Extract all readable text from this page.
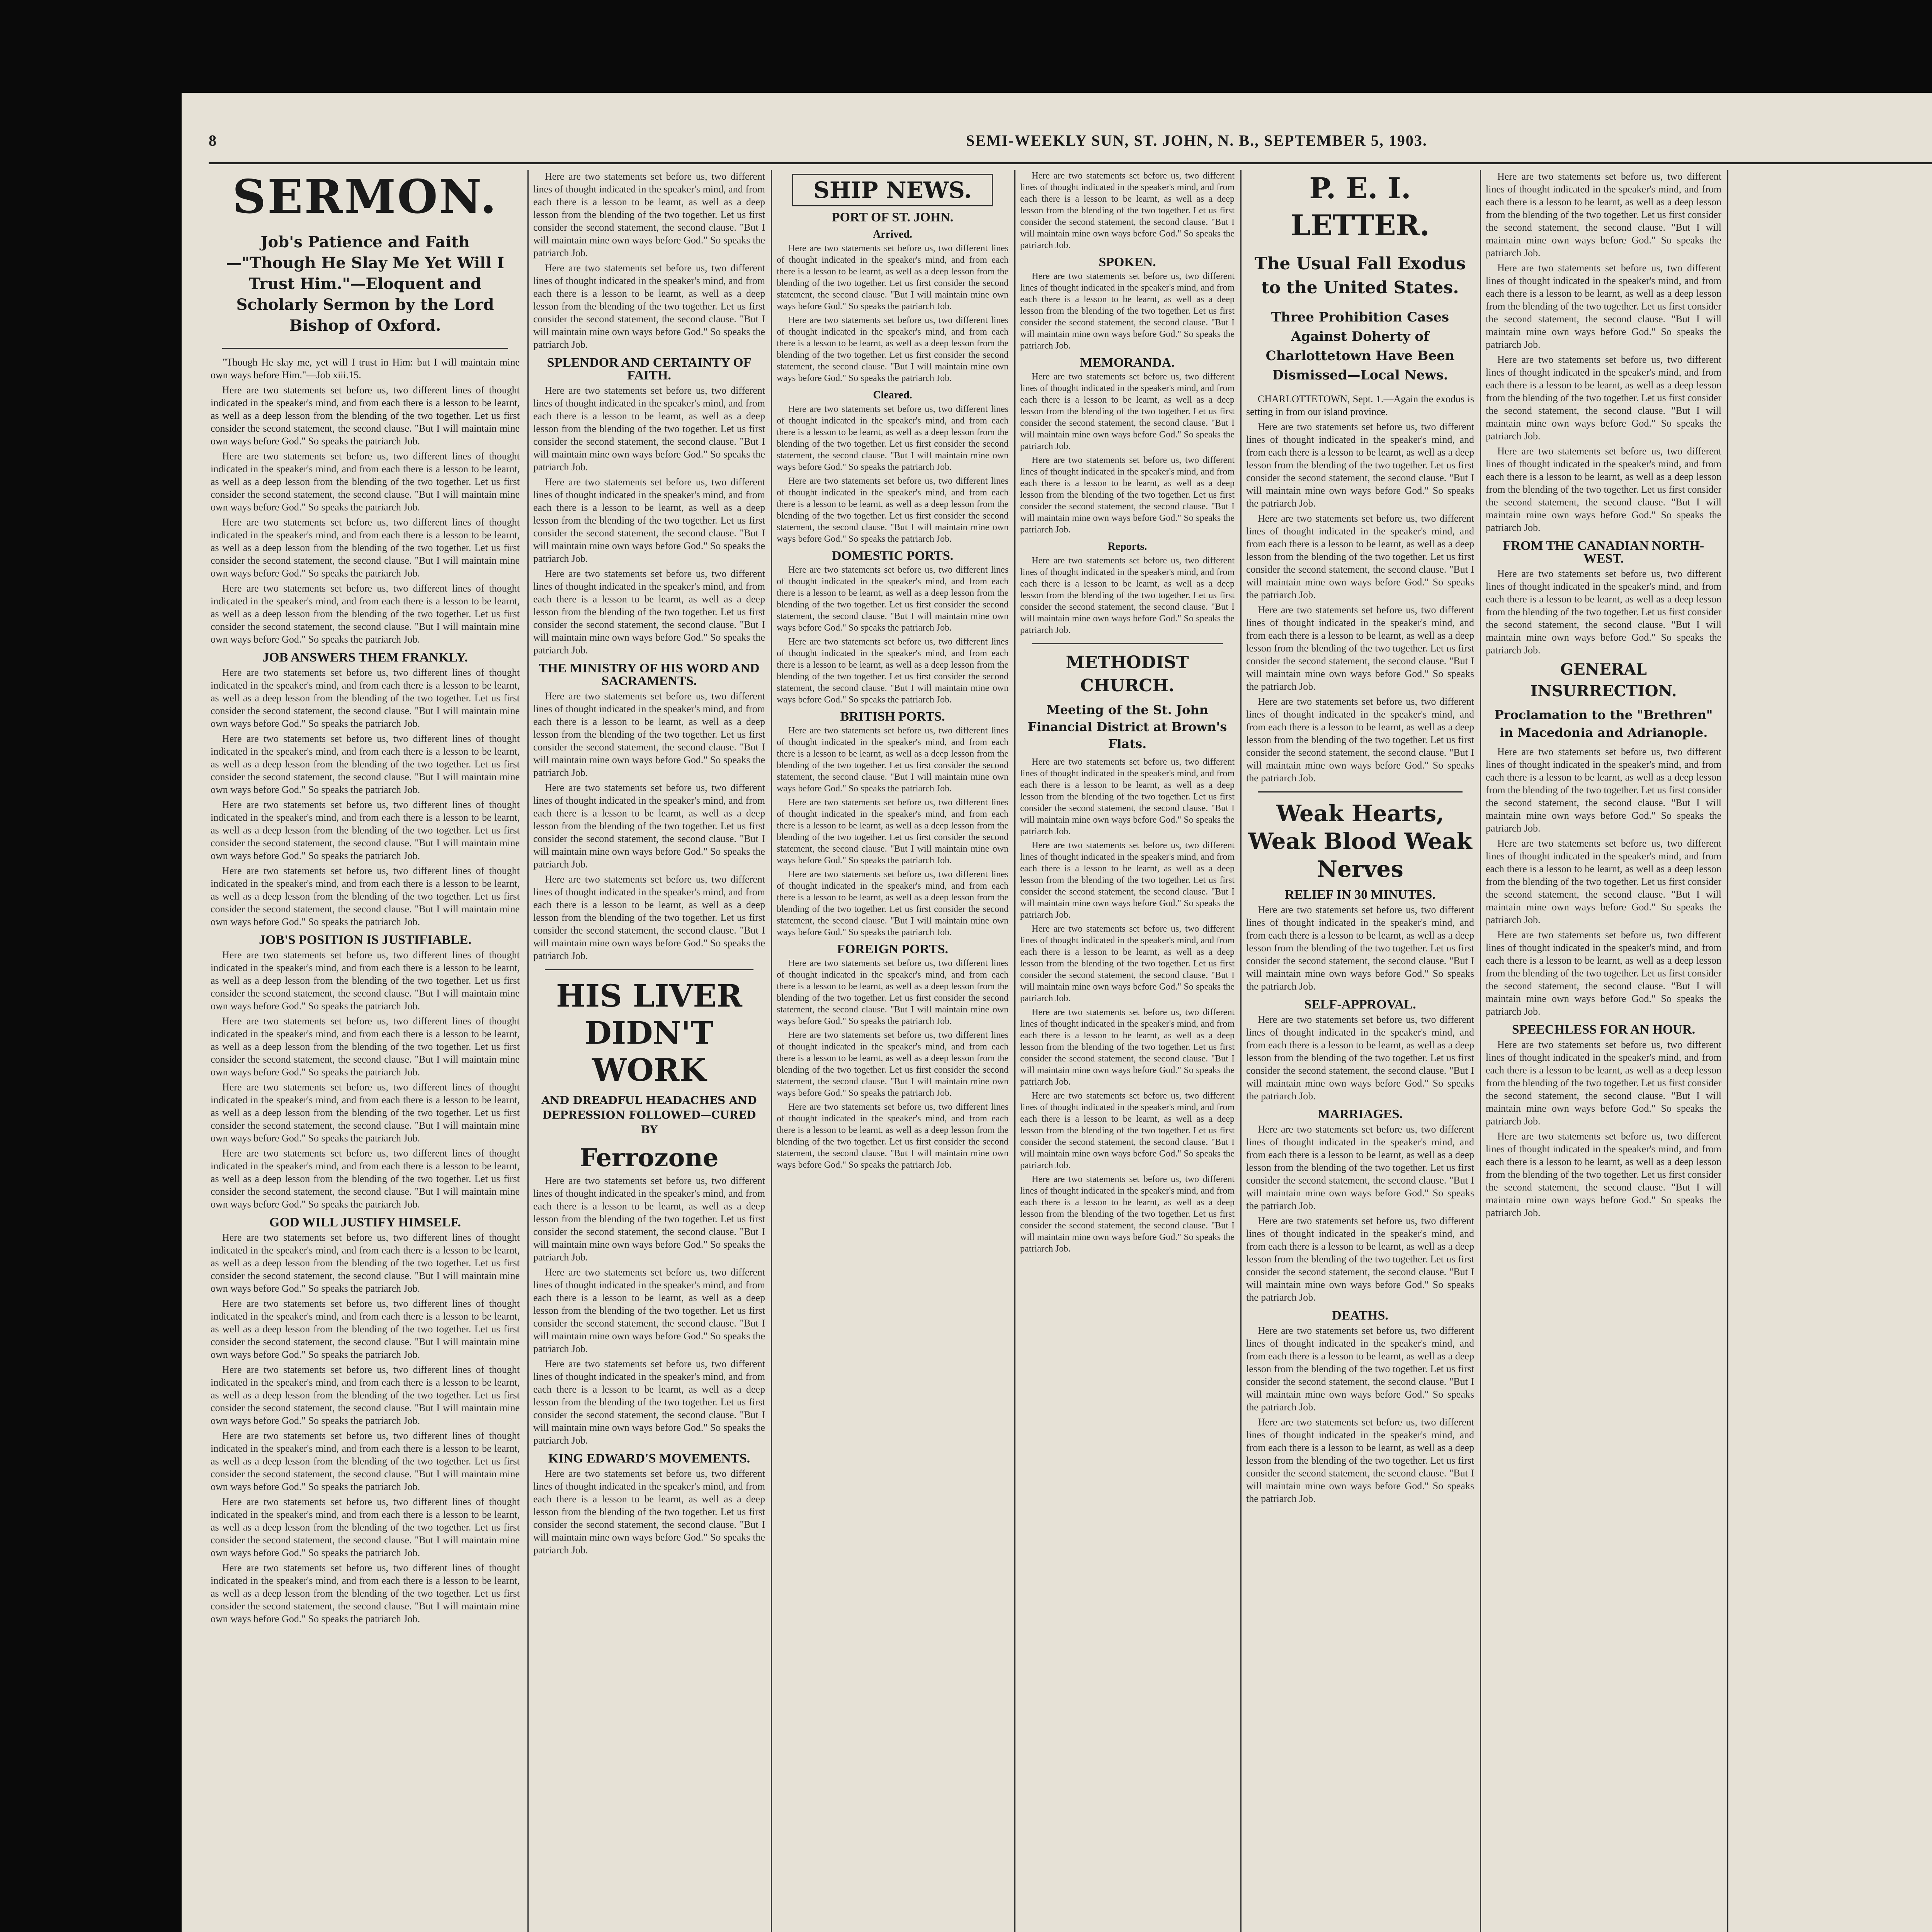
8	SEMI-WEEKLY SUN, ST. JOHN, N. B., SEPTEMBER 5, 1903.
SERMON.
Job's Patience and Faith—"Though He Slay Me Yet Will I Trust Him."—Eloquent and Scholarly Sermon by the Lord Bishop of Oxford.

"Though He slay me, yet will I trust in Him: but I will maintain mine own ways before Him."—Job xiii.15.

Here are two statements set before us, two different lines of thought indicated in the speaker's mind, and from each there is a lesson to be learnt, as well as a deep lesson from the blending of the two together. Let us first consider the second statement, the second clause. "But I will maintain mine own ways before God." So speaks the patriarch Job.

Here are two statements set before us, two different lines of thought indicated in the speaker's mind, and from each there is a lesson to be learnt, as well as a deep lesson from the blending of the two together. Let us first consider the second statement, the second clause. "But I will maintain mine own ways before God." So speaks the patriarch Job.

Here are two statements set before us, two different lines of thought indicated in the speaker's mind, and from each there is a lesson to be learnt, as well as a deep lesson from the blending of the two together. Let us first consider the second statement, the second clause. "But I will maintain mine own ways before God." So speaks the patriarch Job.

Here are two statements set before us, two different lines of thought indicated in the speaker's mind, and from each there is a lesson to be learnt, as well as a deep lesson from the blending of the two together. Let us first consider the second statement, the second clause. "But I will maintain mine own ways before God." So speaks the patriarch Job.

JOB ANSWERS THEM FRANKLY.

Here are two statements set before us, two different lines of thought indicated in the speaker's mind, and from each there is a lesson to be learnt, as well as a deep lesson from the blending of the two together. Let us first consider the second statement, the second clause. "But I will maintain mine own ways before God." So speaks the patriarch Job.

Here are two statements set before us, two different lines of thought indicated in the speaker's mind, and from each there is a lesson to be learnt, as well as a deep lesson from the blending of the two together. Let us first consider the second statement, the second clause. "But I will maintain mine own ways before God." So speaks the patriarch Job.

Here are two statements set before us, two different lines of thought indicated in the speaker's mind, and from each there is a lesson to be learnt, as well as a deep lesson from the blending of the two together. Let us first consider the second statement, the second clause. "But I will maintain mine own ways before God." So speaks the patriarch Job.

Here are two statements set before us, two different lines of thought indicated in the speaker's mind, and from each there is a lesson to be learnt, as well as a deep lesson from the blending of the two together. Let us first consider the second statement, the second clause. "But I will maintain mine own ways before God." So speaks the patriarch Job.

JOB'S POSITION IS JUSTIFIABLE.

Here are two statements set before us, two different lines of thought indicated in the speaker's mind, and from each there is a lesson to be learnt, as well as a deep lesson from the blending of the two together. Let us first consider the second statement, the second clause. "But I will maintain mine own ways before God." So speaks the patriarch Job.

Here are two statements set before us, two different lines of thought indicated in the speaker's mind, and from each there is a lesson to be learnt, as well as a deep lesson from the blending of the two together. Let us first consider the second statement, the second clause. "But I will maintain mine own ways before God." So speaks the patriarch Job.

Here are two statements set before us, two different lines of thought indicated in the speaker's mind, and from each there is a lesson to be learnt, as well as a deep lesson from the blending of the two together. Let us first consider the second statement, the second clause. "But I will maintain mine own ways before God." So speaks the patriarch Job.

Here are two statements set before us, two different lines of thought indicated in the speaker's mind, and from each there is a lesson to be learnt, as well as a deep lesson from the blending of the two together. Let us first consider the second statement, the second clause. "But I will maintain mine own ways before God." So speaks the patriarch Job.

GOD WILL JUSTIFY HIMSELF.

Here are two statements set before us, two different lines of thought indicated in the speaker's mind, and from each there is a lesson to be learnt, as well as a deep lesson from the blending of the two together. Let us first consider the second statement, the second clause. "But I will maintain mine own ways before God." So speaks the patriarch Job.

Here are two statements set before us, two different lines of thought indicated in the speaker's mind, and from each there is a lesson to be learnt, as well as a deep lesson from the blending of the two together. Let us first consider the second statement, the second clause. "But I will maintain mine own ways before God." So speaks the patriarch Job.

Here are two statements set before us, two different lines of thought indicated in the speaker's mind, and from each there is a lesson to be learnt, as well as a deep lesson from the blending of the two together. Let us first consider the second statement, the second clause. "But I will maintain mine own ways before God." So speaks the patriarch Job.

Here are two statements set before us, two different lines of thought indicated in the speaker's mind, and from each there is a lesson to be learnt, as well as a deep lesson from the blending of the two together. Let us first consider the second statement, the second clause. "But I will maintain mine own ways before God." So speaks the patriarch Job.

Here are two statements set before us, two different lines of thought indicated in the speaker's mind, and from each there is a lesson to be learnt, as well as a deep lesson from the blending of the two together. Let us first consider the second statement, the second clause. "But I will maintain mine own ways before God." So speaks the patriarch Job.

Here are two statements set before us, two different lines of thought indicated in the speaker's mind, and from each there is a lesson to be learnt, as well as a deep lesson from the blending of the two together. Let us first consider the second statement, the second clause. "But I will maintain mine own ways before God." So speaks the patriarch Job.

Here are two statements set before us, two different lines of thought indicated in the speaker's mind, and from each there is a lesson to be learnt, as well as a deep lesson from the blending of the two together. Let us first consider the second statement, the second clause. "But I will maintain mine own ways before God." So speaks the patriarch Job.

Here are two statements set before us, two different lines of thought indicated in the speaker's mind, and from each there is a lesson to be learnt, as well as a deep lesson from the blending of the two together. Let us first consider the second statement, the second clause. "But I will maintain mine own ways before God." So speaks the patriarch Job.

SPLENDOR AND CERTAINTY OF FAITH.

Here are two statements set before us, two different lines of thought indicated in the speaker's mind, and from each there is a lesson to be learnt, as well as a deep lesson from the blending of the two together. Let us first consider the second statement, the second clause. "But I will maintain mine own ways before God." So speaks the patriarch Job.

Here are two statements set before us, two different lines of thought indicated in the speaker's mind, and from each there is a lesson to be learnt, as well as a deep lesson from the blending of the two together. Let us first consider the second statement, the second clause. "But I will maintain mine own ways before God." So speaks the patriarch Job.

Here are two statements set before us, two different lines of thought indicated in the speaker's mind, and from each there is a lesson to be learnt, as well as a deep lesson from the blending of the two together. Let us first consider the second statement, the second clause. "But I will maintain mine own ways before God." So speaks the patriarch Job.

THE MINISTRY OF HIS WORD AND SACRAMENTS.

Here are two statements set before us, two different lines of thought indicated in the speaker's mind, and from each there is a lesson to be learnt, as well as a deep lesson from the blending of the two together. Let us first consider the second statement, the second clause. "But I will maintain mine own ways before God." So speaks the patriarch Job.

Here are two statements set before us, two different lines of thought indicated in the speaker's mind, and from each there is a lesson to be learnt, as well as a deep lesson from the blending of the two together. Let us first consider the second statement, the second clause. "But I will maintain mine own ways before God." So speaks the patriarch Job.

Here are two statements set before us, two different lines of thought indicated in the speaker's mind, and from each there is a lesson to be learnt, as well as a deep lesson from the blending of the two together. Let us first consider the second statement, the second clause. "But I will maintain mine own ways before God." So speaks the patriarch Job.

HIS LIVER DIDN'T WORK
AND DREADFUL HEADACHES AND DEPRESSION FOLLOWED—CURED BY
Ferrozone

Here are two statements set before us, two different lines of thought indicated in the speaker's mind, and from each there is a lesson to be learnt, as well as a deep lesson from the blending of the two together. Let us first consider the second statement, the second clause. "But I will maintain mine own ways before God." So speaks the patriarch Job.

Here are two statements set before us, two different lines of thought indicated in the speaker's mind, and from each there is a lesson to be learnt, as well as a deep lesson from the blending of the two together. Let us first consider the second statement, the second clause. "But I will maintain mine own ways before God." So speaks the patriarch Job.

Here are two statements set before us, two different lines of thought indicated in the speaker's mind, and from each there is a lesson to be learnt, as well as a deep lesson from the blending of the two together. Let us first consider the second statement, the second clause. "But I will maintain mine own ways before God." So speaks the patriarch Job.

KING EDWARD'S MOVEMENTS.

Here are two statements set before us, two different lines of thought indicated in the speaker's mind, and from each there is a lesson to be learnt, as well as a deep lesson from the blending of the two together. Let us first consider the second statement, the second clause. "But I will maintain mine own ways before God." So speaks the patriarch Job.

SHIP NEWS.
PORT OF ST. JOHN.
Arrived.

Here are two statements set before us, two different lines of thought indicated in the speaker's mind, and from each there is a lesson to be learnt, as well as a deep lesson from the blending of the two together. Let us first consider the second statement, the second clause. "But I will maintain mine own ways before God." So speaks the patriarch Job.

Here are two statements set before us, two different lines of thought indicated in the speaker's mind, and from each there is a lesson to be learnt, as well as a deep lesson from the blending of the two together. Let us first consider the second statement, the second clause. "But I will maintain mine own ways before God." So speaks the patriarch Job.

Cleared.

Here are two statements set before us, two different lines of thought indicated in the speaker's mind, and from each there is a lesson to be learnt, as well as a deep lesson from the blending of the two together. Let us first consider the second statement, the second clause. "But I will maintain mine own ways before God." So speaks the patriarch Job.

Here are two statements set before us, two different lines of thought indicated in the speaker's mind, and from each there is a lesson to be learnt, as well as a deep lesson from the blending of the two together. Let us first consider the second statement, the second clause. "But I will maintain mine own ways before God." So speaks the patriarch Job.

DOMESTIC PORTS.

Here are two statements set before us, two different lines of thought indicated in the speaker's mind, and from each there is a lesson to be learnt, as well as a deep lesson from the blending of the two together. Let us first consider the second statement, the second clause. "But I will maintain mine own ways before God." So speaks the patriarch Job.

Here are two statements set before us, two different lines of thought indicated in the speaker's mind, and from each there is a lesson to be learnt, as well as a deep lesson from the blending of the two together. Let us first consider the second statement, the second clause. "But I will maintain mine own ways before God." So speaks the patriarch Job.

BRITISH PORTS.

Here are two statements set before us, two different lines of thought indicated in the speaker's mind, and from each there is a lesson to be learnt, as well as a deep lesson from the blending of the two together. Let us first consider the second statement, the second clause. "But I will maintain mine own ways before God." So speaks the patriarch Job.

Here are two statements set before us, two different lines of thought indicated in the speaker's mind, and from each there is a lesson to be learnt, as well as a deep lesson from the blending of the two together. Let us first consider the second statement, the second clause. "But I will maintain mine own ways before God." So speaks the patriarch Job.

Here are two statements set before us, two different lines of thought indicated in the speaker's mind, and from each there is a lesson to be learnt, as well as a deep lesson from the blending of the two together. Let us first consider the second statement, the second clause. "But I will maintain mine own ways before God." So speaks the patriarch Job.

FOREIGN PORTS.

Here are two statements set before us, two different lines of thought indicated in the speaker's mind, and from each there is a lesson to be learnt, as well as a deep lesson from the blending of the two together. Let us first consider the second statement, the second clause. "But I will maintain mine own ways before God." So speaks the patriarch Job.

Here are two statements set before us, two different lines of thought indicated in the speaker's mind, and from each there is a lesson to be learnt, as well as a deep lesson from the blending of the two together. Let us first consider the second statement, the second clause. "But I will maintain mine own ways before God." So speaks the patriarch Job.

Here are two statements set before us, two different lines of thought indicated in the speaker's mind, and from each there is a lesson to be learnt, as well as a deep lesson from the blending of the two together. Let us first consider the second statement, the second clause. "But I will maintain mine own ways before God." So speaks the patriarch Job.

Here are two statements set before us, two different lines of thought indicated in the speaker's mind, and from each there is a lesson to be learnt, as well as a deep lesson from the blending of the two together. Let us first consider the second statement, the second clause. "But I will maintain mine own ways before God." So speaks the patriarch Job.

SPOKEN.

Here are two statements set before us, two different lines of thought indicated in the speaker's mind, and from each there is a lesson to be learnt, as well as a deep lesson from the blending of the two together. Let us first consider the second statement, the second clause. "But I will maintain mine own ways before God." So speaks the patriarch Job.

MEMORANDA.

Here are two statements set before us, two different lines of thought indicated in the speaker's mind, and from each there is a lesson to be learnt, as well as a deep lesson from the blending of the two together. Let us first consider the second statement, the second clause. "But I will maintain mine own ways before God." So speaks the patriarch Job.

Here are two statements set before us, two different lines of thought indicated in the speaker's mind, and from each there is a lesson to be learnt, as well as a deep lesson from the blending of the two together. Let us first consider the second statement, the second clause. "But I will maintain mine own ways before God." So speaks the patriarch Job.

Reports.

Here are two statements set before us, two different lines of thought indicated in the speaker's mind, and from each there is a lesson to be learnt, as well as a deep lesson from the blending of the two together. Let us first consider the second statement, the second clause. "But I will maintain mine own ways before God." So speaks the patriarch Job.

METHODIST CHURCH.
Meeting of the St. John Financial District at Brown's Flats.

Here are two statements set before us, two different lines of thought indicated in the speaker's mind, and from each there is a lesson to be learnt, as well as a deep lesson from the blending of the two together. Let us first consider the second statement, the second clause. "But I will maintain mine own ways before God." So speaks the patriarch Job.

Here are two statements set before us, two different lines of thought indicated in the speaker's mind, and from each there is a lesson to be learnt, as well as a deep lesson from the blending of the two together. Let us first consider the second statement, the second clause. "But I will maintain mine own ways before God." So speaks the patriarch Job.

Here are two statements set before us, two different lines of thought indicated in the speaker's mind, and from each there is a lesson to be learnt, as well as a deep lesson from the blending of the two together. Let us first consider the second statement, the second clause. "But I will maintain mine own ways before God." So speaks the patriarch Job.

Here are two statements set before us, two different lines of thought indicated in the speaker's mind, and from each there is a lesson to be learnt, as well as a deep lesson from the blending of the two together. Let us first consider the second statement, the second clause. "But I will maintain mine own ways before God." So speaks the patriarch Job.

Here are two statements set before us, two different lines of thought indicated in the speaker's mind, and from each there is a lesson to be learnt, as well as a deep lesson from the blending of the two together. Let us first consider the second statement, the second clause. "But I will maintain mine own ways before God." So speaks the patriarch Job.

Here are two statements set before us, two different lines of thought indicated in the speaker's mind, and from each there is a lesson to be learnt, as well as a deep lesson from the blending of the two together. Let us first consider the second statement, the second clause. "But I will maintain mine own ways before God." So speaks the patriarch Job.

P. E. I. LETTER.
The Usual Fall Exodus to the United States.
Three Prohibition Cases Against Doherty of Charlottetown Have Been Dismissed—Local News.

CHARLOTTETOWN, Sept. 1.—Again the exodus is setting in from our island province.

Here are two statements set before us, two different lines of thought indicated in the speaker's mind, and from each there is a lesson to be learnt, as well as a deep lesson from the blending of the two together. Let us first consider the second statement, the second clause. "But I will maintain mine own ways before God." So speaks the patriarch Job.

Here are two statements set before us, two different lines of thought indicated in the speaker's mind, and from each there is a lesson to be learnt, as well as a deep lesson from the blending of the two together. Let us first consider the second statement, the second clause. "But I will maintain mine own ways before God." So speaks the patriarch Job.

Here are two statements set before us, two different lines of thought indicated in the speaker's mind, and from each there is a lesson to be learnt, as well as a deep lesson from the blending of the two together. Let us first consider the second statement, the second clause. "But I will maintain mine own ways before God." So speaks the patriarch Job.

Here are two statements set before us, two different lines of thought indicated in the speaker's mind, and from each there is a lesson to be learnt, as well as a deep lesson from the blending of the two together. Let us first consider the second statement, the second clause. "But I will maintain mine own ways before God." So speaks the patriarch Job.

Weak Hearts, Weak Blood Weak Nerves
RELIEF IN 30 MINUTES.

Here are two statements set before us, two different lines of thought indicated in the speaker's mind, and from each there is a lesson to be learnt, as well as a deep lesson from the blending of the two together. Let us first consider the second statement, the second clause. "But I will maintain mine own ways before God." So speaks the patriarch Job.

SELF-APPROVAL.

Here are two statements set before us, two different lines of thought indicated in the speaker's mind, and from each there is a lesson to be learnt, as well as a deep lesson from the blending of the two together. Let us first consider the second statement, the second clause. "But I will maintain mine own ways before God." So speaks the patriarch Job.

MARRIAGES.

Here are two statements set before us, two different lines of thought indicated in the speaker's mind, and from each there is a lesson to be learnt, as well as a deep lesson from the blending of the two together. Let us first consider the second statement, the second clause. "But I will maintain mine own ways before God." So speaks the patriarch Job.

Here are two statements set before us, two different lines of thought indicated in the speaker's mind, and from each there is a lesson to be learnt, as well as a deep lesson from the blending of the two together. Let us first consider the second statement, the second clause. "But I will maintain mine own ways before God." So speaks the patriarch Job.

DEATHS.

Here are two statements set before us, two different lines of thought indicated in the speaker's mind, and from each there is a lesson to be learnt, as well as a deep lesson from the blending of the two together. Let us first consider the second statement, the second clause. "But I will maintain mine own ways before God." So speaks the patriarch Job.

Here are two statements set before us, two different lines of thought indicated in the speaker's mind, and from each there is a lesson to be learnt, as well as a deep lesson from the blending of the two together. Let us first consider the second statement, the second clause. "But I will maintain mine own ways before God." So speaks the patriarch Job.

Here are two statements set before us, two different lines of thought indicated in the speaker's mind, and from each there is a lesson to be learnt, as well as a deep lesson from the blending of the two together. Let us first consider the second statement, the second clause. "But I will maintain mine own ways before God." So speaks the patriarch Job.

Here are two statements set before us, two different lines of thought indicated in the speaker's mind, and from each there is a lesson to be learnt, as well as a deep lesson from the blending of the two together. Let us first consider the second statement, the second clause. "But I will maintain mine own ways before God." So speaks the patriarch Job.

Here are two statements set before us, two different lines of thought indicated in the speaker's mind, and from each there is a lesson to be learnt, as well as a deep lesson from the blending of the two together. Let us first consider the second statement, the second clause. "But I will maintain mine own ways before God." So speaks the patriarch Job.

Here are two statements set before us, two different lines of thought indicated in the speaker's mind, and from each there is a lesson to be learnt, as well as a deep lesson from the blending of the two together. Let us first consider the second statement, the second clause. "But I will maintain mine own ways before God." So speaks the patriarch Job.

FROM THE CANADIAN NORTH-WEST.

Here are two statements set before us, two different lines of thought indicated in the speaker's mind, and from each there is a lesson to be learnt, as well as a deep lesson from the blending of the two together. Let us first consider the second statement, the second clause. "But I will maintain mine own ways before God." So speaks the patriarch Job.

GENERAL INSURRECTION.
Proclamation to the "Brethren" in Macedonia and Adrianople.

Here are two statements set before us, two different lines of thought indicated in the speaker's mind, and from each there is a lesson to be learnt, as well as a deep lesson from the blending of the two together. Let us first consider the second statement, the second clause. "But I will maintain mine own ways before God." So speaks the patriarch Job.

Here are two statements set before us, two different lines of thought indicated in the speaker's mind, and from each there is a lesson to be learnt, as well as a deep lesson from the blending of the two together. Let us first consider the second statement, the second clause. "But I will maintain mine own ways before God." So speaks the patriarch Job.

Here are two statements set before us, two different lines of thought indicated in the speaker's mind, and from each there is a lesson to be learnt, as well as a deep lesson from the blending of the two together. Let us first consider the second statement, the second clause. "But I will maintain mine own ways before God." So speaks the patriarch Job.

SPEECHLESS FOR AN HOUR.

Here are two statements set before us, two different lines of thought indicated in the speaker's mind, and from each there is a lesson to be learnt, as well as a deep lesson from the blending of the two together. Let us first consider the second statement, the second clause. "But I will maintain mine own ways before God." So speaks the patriarch Job.

Here are two statements set before us, two different lines of thought indicated in the speaker's mind, and from each there is a lesson to be learnt, as well as a deep lesson from the blending of the two together. Let us first consider the second statement, the second clause. "But I will maintain mine own ways before God." So speaks the patriarch Job.
